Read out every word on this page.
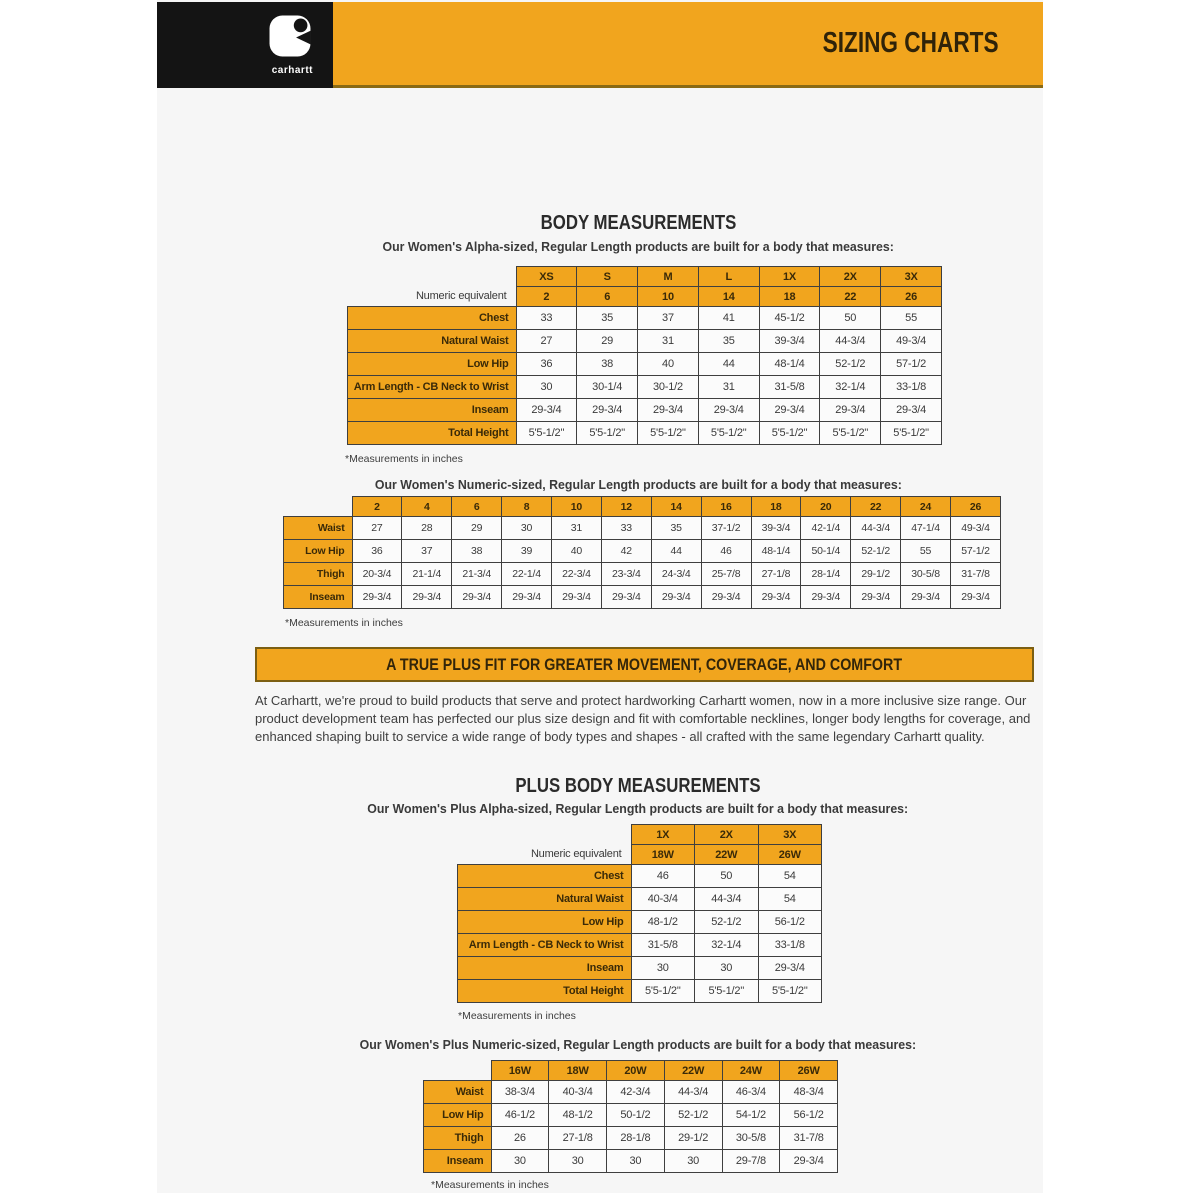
carhartt
SIZING CHARTS
BODY MEASUREMENTS
Our Women's Alpha-sized, Regular Length products are built for a body that measures:
	XS	S	M	L	1X	2X	3X
Numeric equivalent	2	6	10	14	18	22	26
Chest	33	35	37	41	45-1/2	50	55
Natural Waist	27	29	31	35	39-3/4	44-3/4	49-3/4
Low Hip	36	38	40	44	48-1/4	52-1/2	57-1/2
Arm Length - CB Neck to Wrist	30	30-1/4	30-1/2	31	31-5/8	32-1/4	33-1/8
Inseam	29-3/4	29-3/4	29-3/4	29-3/4	29-3/4	29-3/4	29-3/4
Total Height	5'5-1/2"	5'5-1/2"	5'5-1/2"	5'5-1/2"	5'5-1/2"	5'5-1/2"	5'5-1/2"
*Measurements in inches
Our Women's Numeric-sized, Regular Length products are built for a body that measures:
	2	4	6	8	10	12	14	16	18	20	22	24	26
Waist	27	28	29	30	31	33	35	37-1/2	39-3/4	42-1/4	44-3/4	47-1/4	49-3/4
Low Hip	36	37	38	39	40	42	44	46	48-1/4	50-1/4	52-1/2	55	57-1/2
Thigh	20-3/4	21-1/4	21-3/4	22-1/4	22-3/4	23-3/4	24-3/4	25-7/8	27-1/8	28-1/4	29-1/2	30-5/8	31-7/8
Inseam	29-3/4	29-3/4	29-3/4	29-3/4	29-3/4	29-3/4	29-3/4	29-3/4	29-3/4	29-3/4	29-3/4	29-3/4	29-3/4
*Measurements in inches
A TRUE PLUS FIT FOR GREATER MOVEMENT, COVERAGE, AND COMFORT
At Carhartt, we're proud to build products that serve and protect hardworking Carhartt women, now in a more inclusive size range. Our product development team has perfected our plus size design and fit with comfortable necklines, longer body lengths for coverage, and enhanced shaping built to service a wide range of body types and shapes - all crafted with the same legendary Carhartt quality.
PLUS BODY MEASUREMENTS
Our Women's Plus Alpha-sized, Regular Length products are built for a body that measures:
	1X	2X	3X
Numeric equivalent	18W	22W	26W
Chest	46	50	54
Natural Waist	40-3/4	44-3/4	54
Low Hip	48-1/2	52-1/2	56-1/2
Arm Length - CB Neck to Wrist	31-5/8	32-1/4	33-1/8
Inseam	30	30	29-3/4
Total Height	5'5-1/2"	5'5-1/2"	5'5-1/2"
*Measurements in inches
Our Women's Plus Numeric-sized, Regular Length products are built for a body that measures:
	16W	18W	20W	22W	24W	26W
Waist	38-3/4	40-3/4	42-3/4	44-3/4	46-3/4	48-3/4
Low Hip	46-1/2	48-1/2	50-1/2	52-1/2	54-1/2	56-1/2
Thigh	26	27-1/8	28-1/8	29-1/2	30-5/8	31-7/8
Inseam	30	30	30	30	29-7/8	29-3/4
*Measurements in inches
